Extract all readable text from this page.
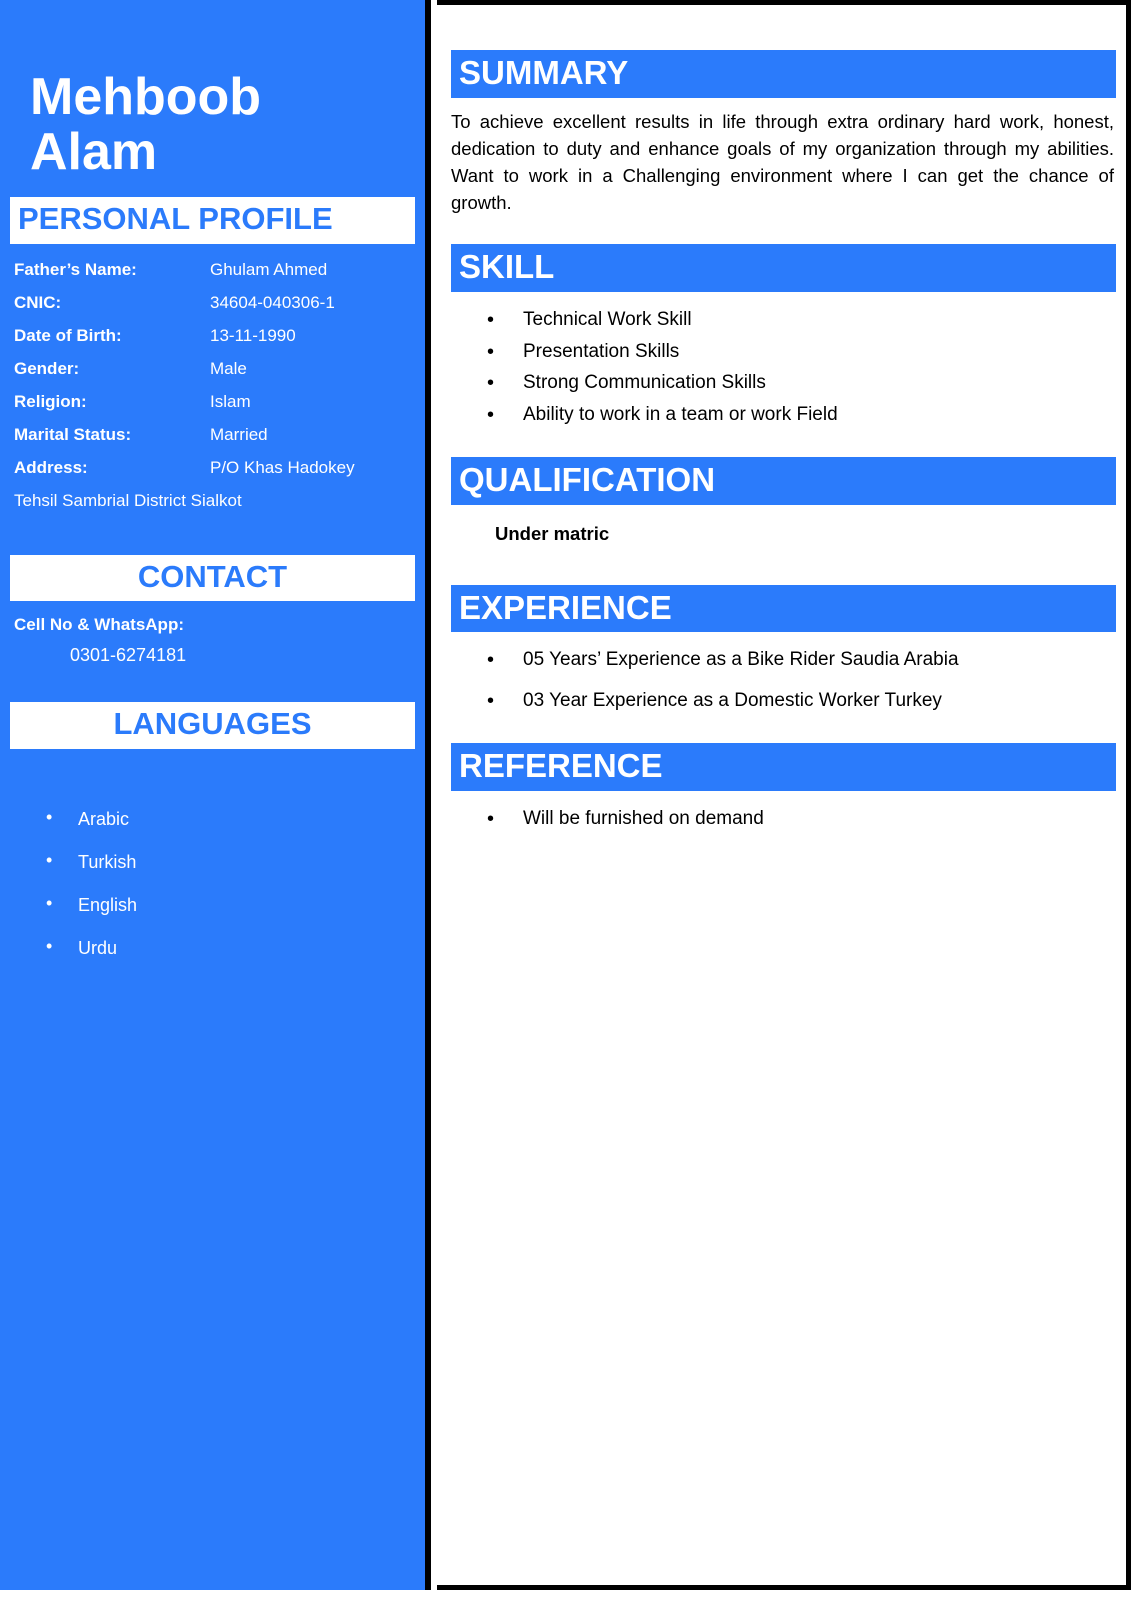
Mehboob
Alam
PERSONAL PROFILE
Father’s Name:	Ghulam Ahmed
CNIC:	34604-040306-1
Date of Birth:	13-11-1990
Gender:	Male
Religion:	Islam
Marital Status:	Married
Address:	P/O Khas Hadokey
Tehsil Sambrial District Sialkot
CONTACT
Cell No & WhatsApp:
0301-6274181
LANGUAGES
• Arabic
• Turkish
• English
• Urdu
SUMMARY
To achieve excellent results in life through extra ordinary hard work, honest, dedication to duty and enhance goals of my organization through my abilities. Want to work in a Challenging environment where I can get the chance of growth.
SKILL
• Technical Work Skill
• Presentation Skills
• Strong Communication Skills
• Ability to work in a team or work Field
QUALIFICATION
Under matric
EXPERIENCE
• 05 Years’ Experience as a Bike Rider Saudia Arabia
• 03 Year Experience as a Domestic Worker Turkey
REFERENCE
• Will be furnished on demand
